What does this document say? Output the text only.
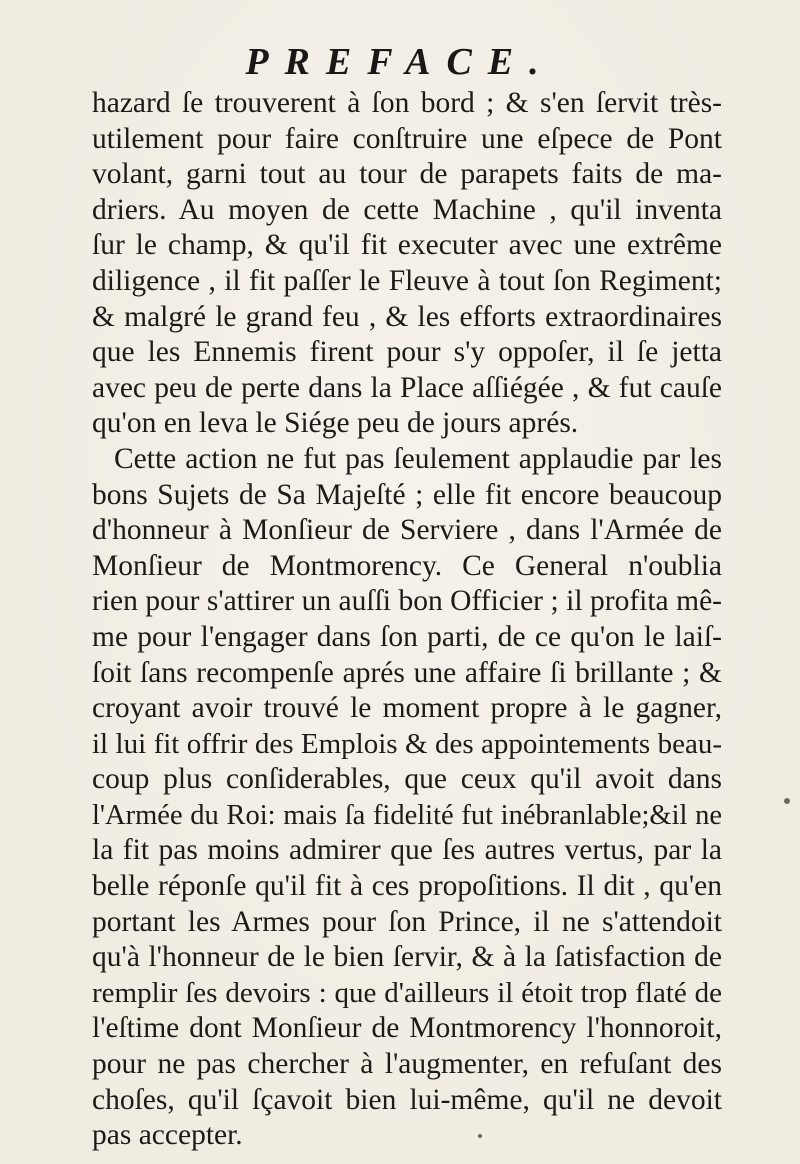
PREFACE.
hazard ſe trouverent à ſon bord ; & s'en ſervit très-
utilement pour faire conſtruire une eſpece de Pont
volant, garni tout au tour de parapets faits de ma-
driers. Au moyen de cette Machine , qu'il inventa
ſur le champ, & qu'il fit executer avec une extrême
diligence , il fit paſſer le Fleuve à tout ſon Regiment;
& malgré le grand feu , & les efforts extraordinaires
que les Ennemis firent pour s'y oppoſer, il ſe jetta
avec peu de perte dans la Place aſſiégée , & fut cauſe
qu'on en leva le Siége peu de jours aprés.
Cette action ne fut pas ſeulement applaudie par les
bons Sujets de Sa Majeſté ; elle fit encore beaucoup
d'honneur à Monſieur de Serviere , dans l'Armée de
Monſieur de Montmorency. Ce General n'oublia
rien pour s'attirer un auſſi bon Officier ; il profita mê-
me pour l'engager dans ſon parti, de ce qu'on le laiſ-
ſoit ſans recompenſe aprés une affaire ſi brillante ; &
croyant avoir trouvé le moment propre à le gagner,
il lui fit offrir des Emplois & des appointements beau-
coup plus conſiderables, que ceux qu'il avoit dans
l'Armée du Roi: mais ſa fidelité fut inébranlable;&il ne
la fit pas moins admirer que ſes autres vertus, par la
belle réponſe qu'il fit à ces propoſitions. Il dit , qu'en
portant les Armes pour ſon Prince, il ne s'attendoit
qu'à l'honneur de le bien ſervir, & à la ſatisfaction de
remplir ſes devoirs : que d'ailleurs il étoit trop flaté de
l'eſtime dont Monſieur de Montmorency l'honnoroit,
pour ne pas chercher à l'augmenter, en refuſant des
choſes, qu'il ſçavoit bien lui-même, qu'il ne devoit
pas accepter.
